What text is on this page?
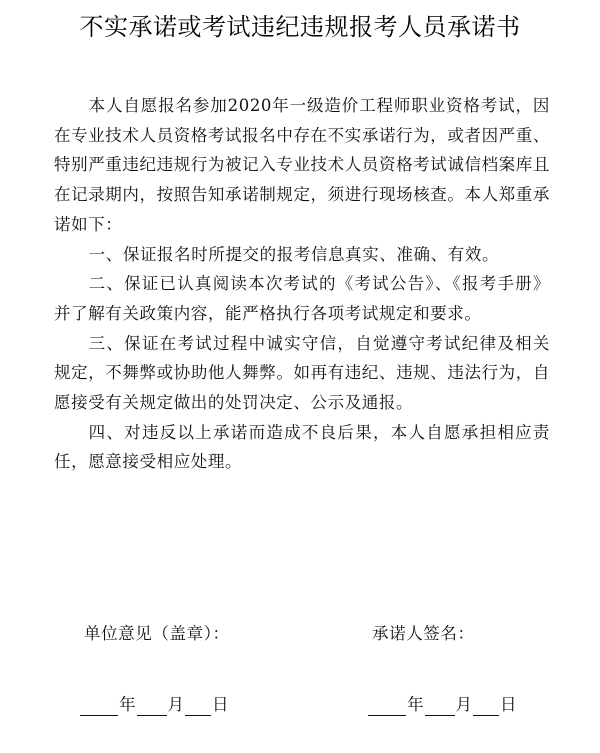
不实承诺或考试违纪违规报考人员承诺书

本人自愿报名参加2020年一级造价工程师职业资格考试，因在专业技术人员资格考试报名中存在不实承诺行为，或者因严重、特别严重违纪违规行为被记入专业技术人员资格考试诚信档案库且在记录期内，按照告知承诺制规定，须进行现场核查。本人郑重承诺如下：

一、保证报名时所提交的报考信息真实、准确、有效。

二、保证已认真阅读本次考试的《考试公告》、《报考手册》并了解有关政策内容，能严格执行各项考试规定和要求。

三、保证在考试过程中诚实守信，自觉遵守考试纪律及相关规定，不舞弊或协助他人舞弊。如再有违纪、违规、违法行为，自愿接受有关规定做出的处罚决定、公示及通报。

四、对违反以上承诺而造成不良后果，本人自愿承担相应责任，愿意接受相应处理。

单位意见（盖章）：	承诺人签名：
年 月 日	年 月 日
